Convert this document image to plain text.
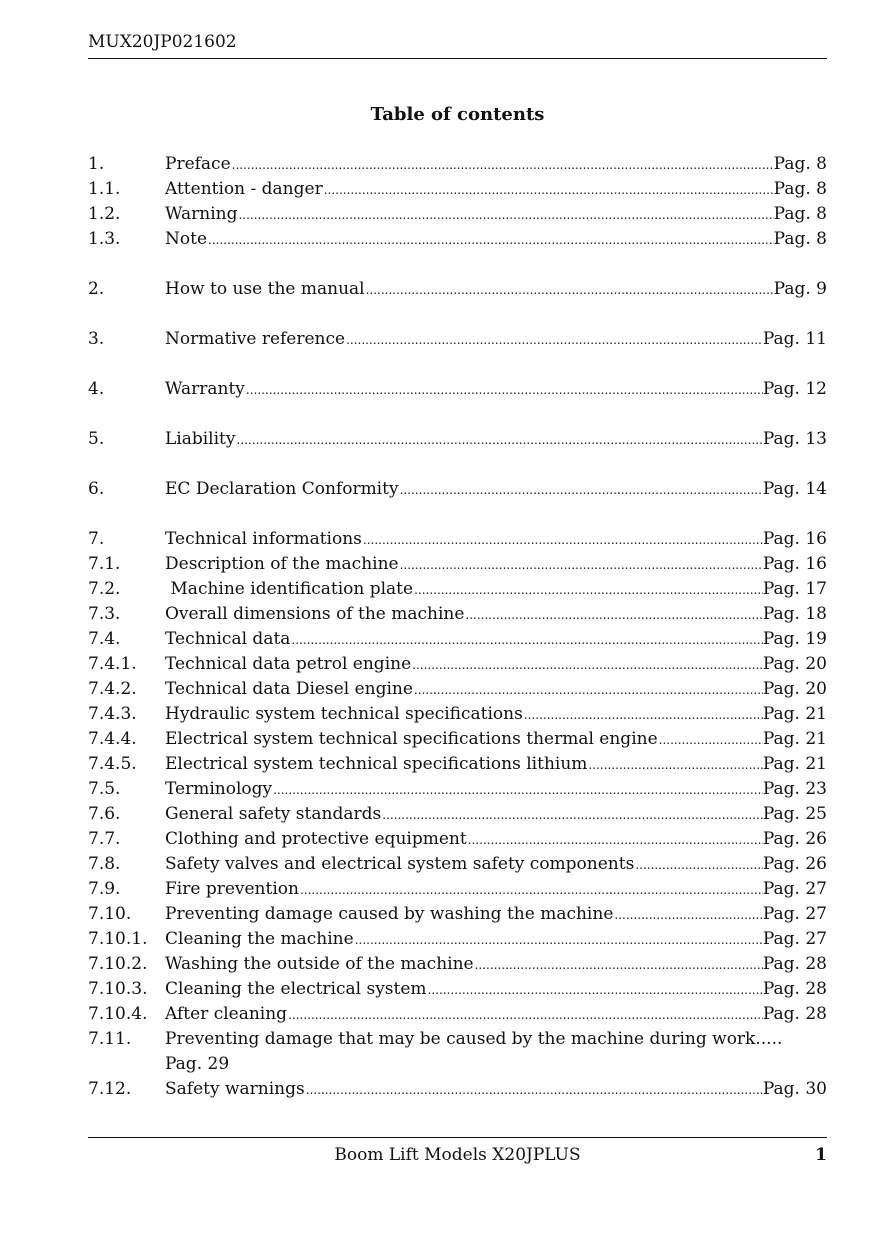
MUX20JP021602
Table of contents
1.	Preface .....	Pag. 8
1.1.	Attention - danger .....	Pag. 8
1.2.	Warning .....	Pag. 8
1.3.	Note .....	Pag. 8
2.	How to use the manual .....	Pag. 9
3.	Normative reference .....	Pag. 11
4.	Warranty .....	Pag. 12
5.	Liability .....	Pag. 13
6.	EC Declaration Conformity .....	Pag. 14
7.	Technical informations .....	Pag. 16
7.1.	Description of the machine .....	Pag. 16
7.2.	Machine identification plate .....	Pag. 17
7.3.	Overall dimensions of the machine .....	Pag. 18
7.4.	Technical data .....	Pag. 19
7.4.1.	Technical data petrol engine .....	Pag. 20
7.4.2.	Technical data Diesel engine .....	Pag. 20
7.4.3.	Hydraulic system technical specifications .....	Pag. 21
7.4.4.	Electrical system technical specifications thermal engine .....	Pag. 21
7.4.5.	Electrical system technical specifications lithium .....	Pag. 21
7.5.	Terminology .....	Pag. 23
7.6.	General safety standards .....	Pag. 25
7.7.	Clothing and protective equipment .....	Pag. 26
7.8.	Safety valves and electrical system safety components .....	Pag. 26
7.9.	Fire prevention .....	Pag. 27
7.10.	Preventing damage caused by washing the machine .....	Pag. 27
7.10.1.	Cleaning the machine .....	Pag. 27
7.10.2.	Washing the outside of the machine .....	Pag. 28
7.10.3.	Cleaning the electrical system .....	Pag. 28
7.10.4.	After cleaning .....	Pag. 28
7.11.	Preventing damage that may be caused by the machine during work.....
Pag. 29
7.12.	Safety warnings .....	Pag. 30
Boom Lift Models X20JPLUS	1
